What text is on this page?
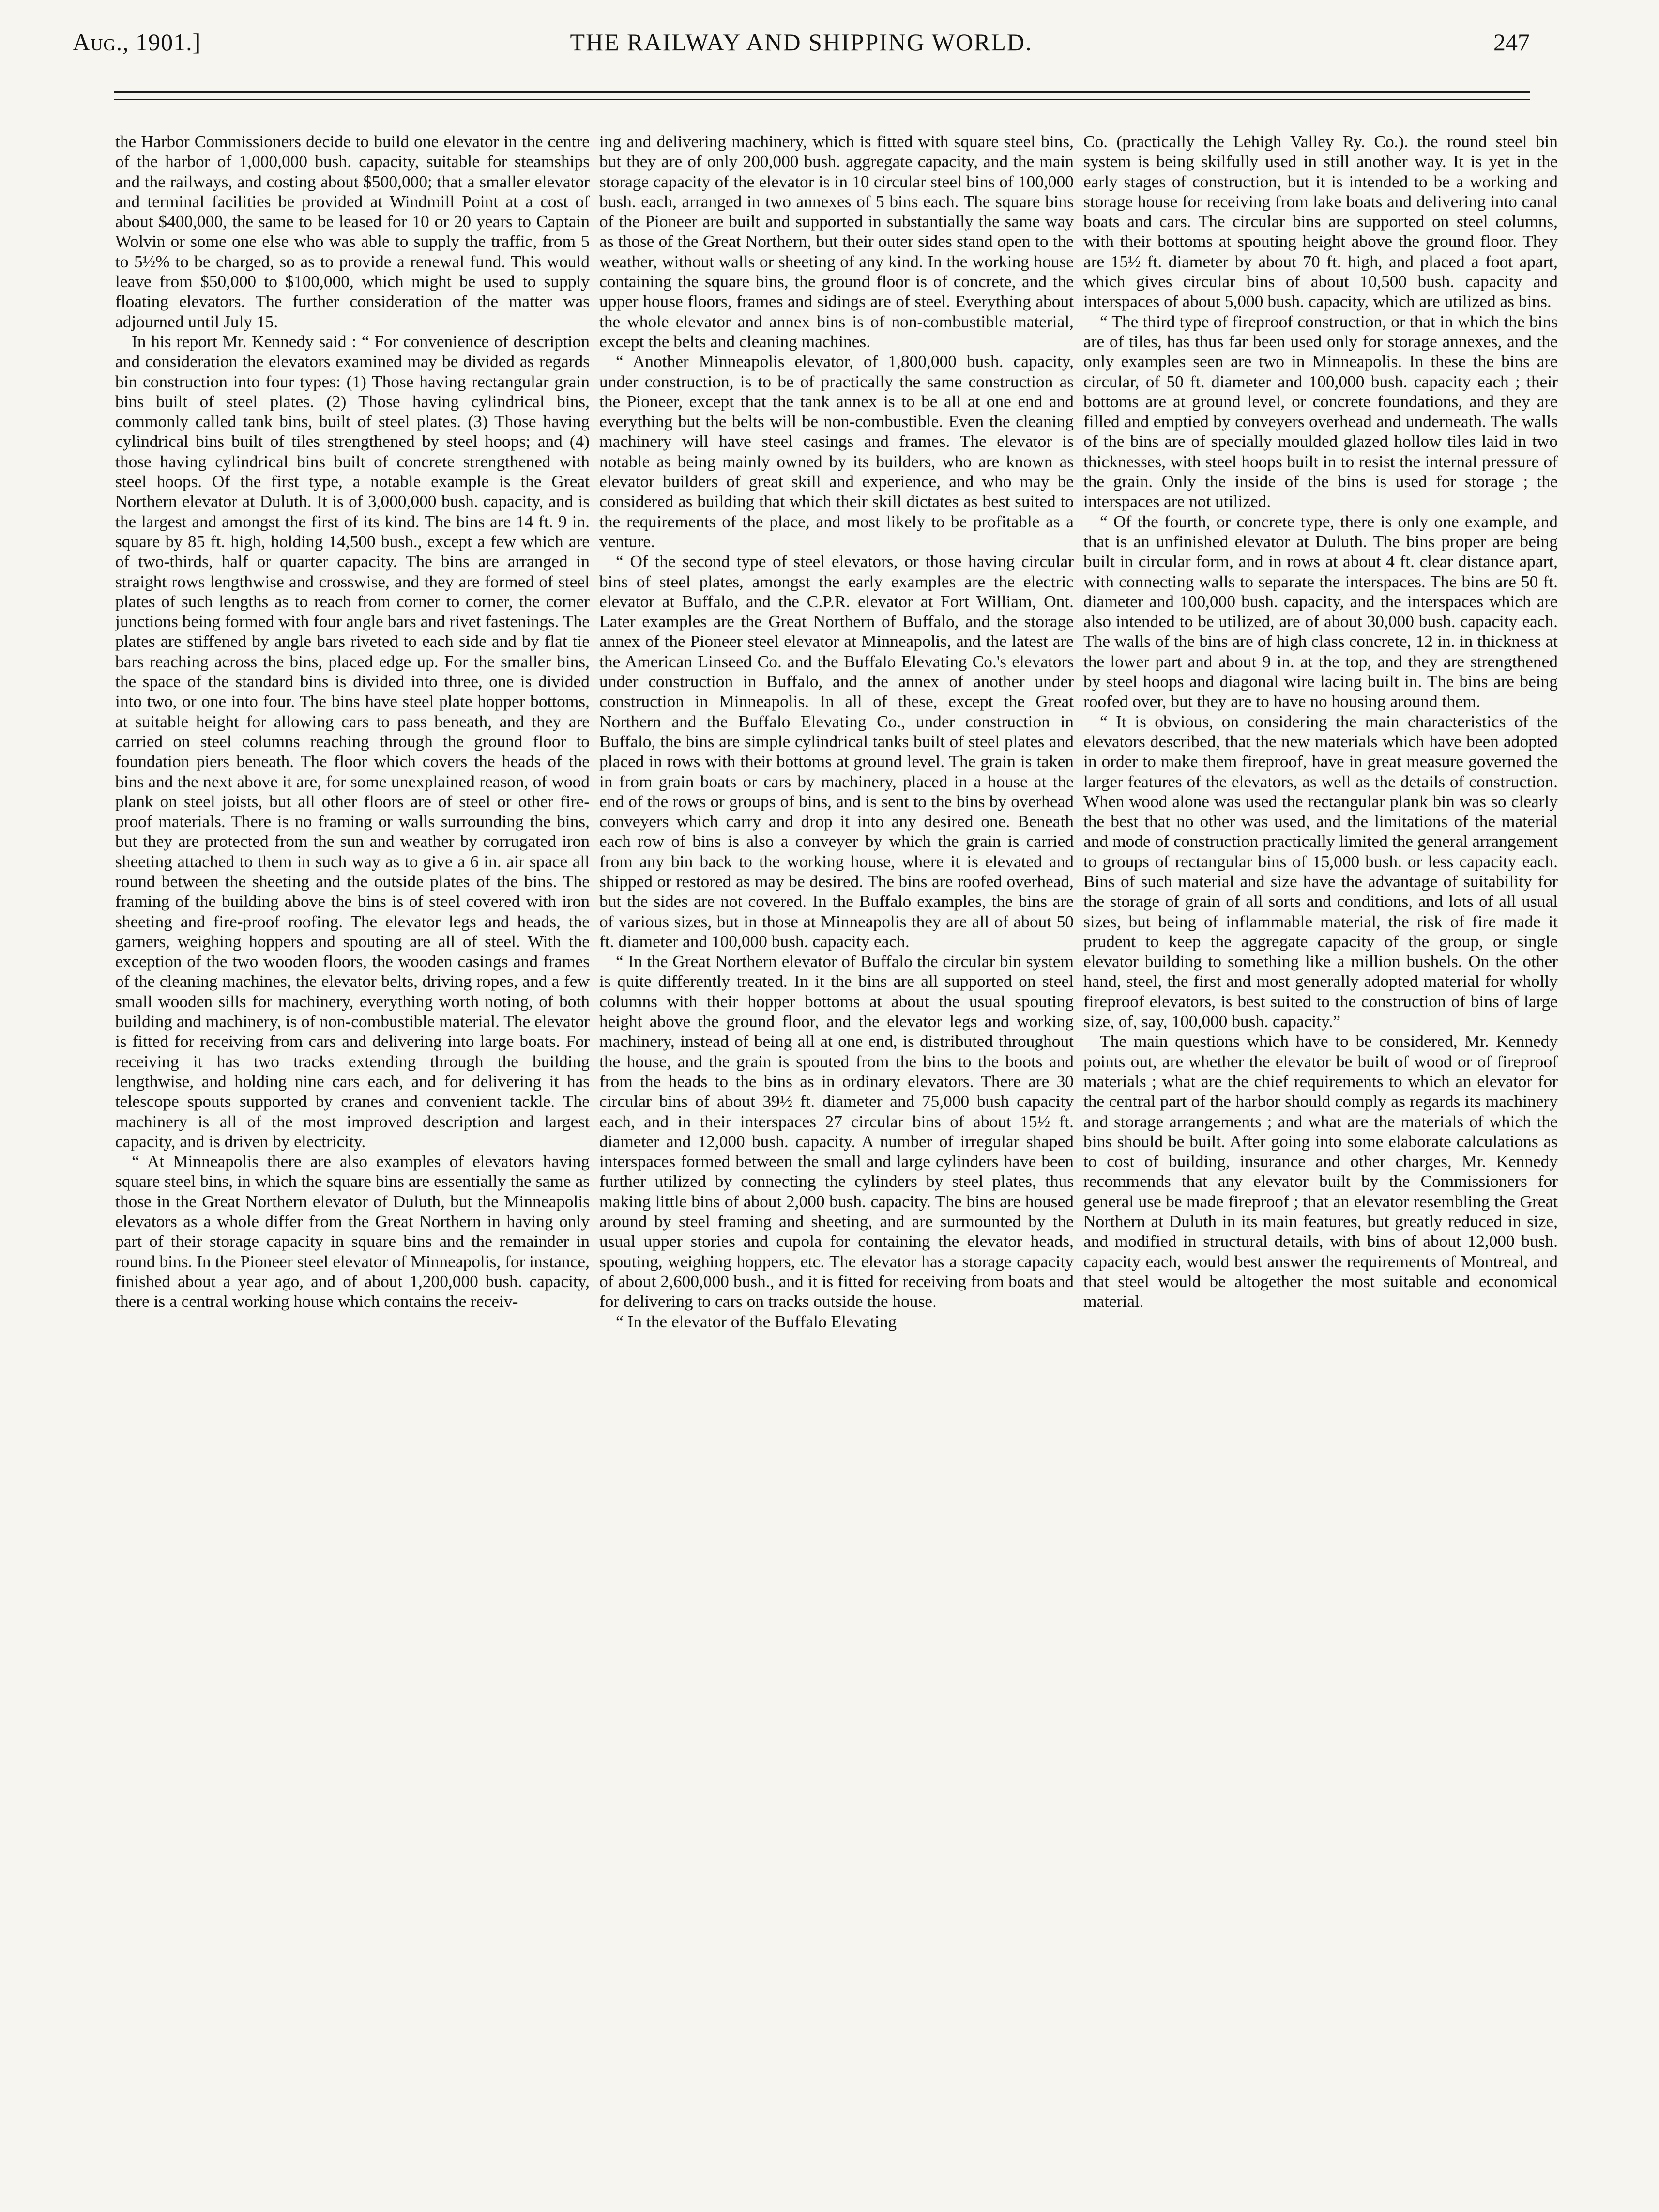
Aug., 1901.]	THE RAILWAY AND SHIPPING WORLD.	247

the Harbor Commissioners decide to build one elevator in the centre of the harbor of 1,000,000 bush. capacity, suitable for steamships and the railways, and costing about $500,000; that a smaller elevator and terminal facilities be provided at Windmill Point at a cost of about $400,000, the same to be leased for 10 or 20 years to Captain Wolvin or some one else who was able to supply the traffic, from 5 to 5½% to be charged, so as to provide a renewal fund. This would leave from $50,000 to $100,000, which might be used to supply floating elevators. The further consideration of the matter was adjourned until July 15.

In his report Mr. Kennedy said : “ For convenience of description and consideration the elevators examined may be divided as regards bin construction into four types: (1) Those having rectangular grain bins built of steel plates. (2) Those having cylindrical bins, commonly called tank bins, built of steel plates. (3) Those having cylindrical bins built of tiles strengthened by steel hoops; and (4) those having cylindrical bins built of concrete strengthened with steel hoops. Of the first type, a notable example is the Great Northern elevator at Duluth. It is of 3,000,000 bush. capacity, and is the largest and amongst the first of its kind. The bins are 14 ft. 9 in. square by 85 ft. high, holding 14,500 bush., except a few which are of two-thirds, half or quarter capacity. The bins are arranged in straight rows lengthwise and crosswise, and they are formed of steel plates of such lengths as to reach from corner to corner, the corner junctions being formed with four angle bars and rivet fastenings. The plates are stiffened by angle bars riveted to each side and by flat tie bars reaching across the bins, placed edge up. For the smaller bins, the space of the standard bins is divided into three, one is divided into two, or one into four. The bins have steel plate hopper bottoms, at suitable height for allowing cars to pass beneath, and they are carried on steel columns reaching through the ground floor to foundation piers beneath. The floor which covers the heads of the bins and the next above it are, for some unexplained reason, of wood plank on steel joists, but all other floors are of steel or other fire-proof materials. There is no framing or walls surrounding the bins, but they are protected from the sun and weather by corrugated iron sheeting attached to them in such way as to give a 6 in. air space all round between the sheeting and the outside plates of the bins. The framing of the building above the bins is of steel covered with iron sheeting and fire-proof roofing. The elevator legs and heads, the garners, weighing hoppers and spouting are all of steel. With the exception of the two wooden floors, the wooden casings and frames of the cleaning machines, the elevator belts, driving ropes, and a few small wooden sills for machinery, everything worth noting, of both building and machinery, is of non-combustible material. The elevator is fitted for receiving from cars and delivering into large boats. For receiving it has two tracks extending through the building lengthwise, and holding nine cars each, and for delivering it has telescope spouts supported by cranes and convenient tackle. The machinery is all of the most improved description and largest capacity, and is driven by electricity.

“ At Minneapolis there are also examples of elevators having square steel bins, in which the square bins are essentially the same as those in the Great Northern elevator of Duluth, but the Minneapolis elevators as a whole differ from the Great Northern in having only part of their storage capacity in square bins and the remainder in round bins. In the Pioneer steel elevator of Minneapolis, for instance, finished about a year ago, and of about 1,200,000 bush. capacity, there is a central working house which contains the receiv-

ing and delivering machinery, which is fitted with square steel bins, but they are of only 200,000 bush. aggregate capacity, and the main storage capacity of the elevator is in 10 circular steel bins of 100,000 bush. each, arranged in two annexes of 5 bins each. The square bins of the Pioneer are built and supported in substantially the same way as those of the Great Northern, but their outer sides stand open to the weather, without walls or sheeting of any kind. In the working house containing the square bins, the ground floor is of concrete, and the upper house floors, frames and sidings are of steel. Everything about the whole elevator and annex bins is of non-combustible material, except the belts and cleaning machines.

“ Another Minneapolis elevator, of 1,800,000 bush. capacity, under construction, is to be of practically the same construction as the Pioneer, except that the tank annex is to be all at one end and everything but the belts will be non-combustible. Even the cleaning machinery will have steel casings and frames. The elevator is notable as being mainly owned by its builders, who are known as elevator builders of great skill and experience, and who may be considered as building that which their skill dictates as best suited to the requirements of the place, and most likely to be profitable as a venture.

“ Of the second type of steel elevators, or those having circular bins of steel plates, amongst the early examples are the electric elevator at Buffalo, and the C.P.R. elevator at Fort William, Ont. Later examples are the Great Northern of Buffalo, and the storage annex of the Pioneer steel elevator at Minneapolis, and the latest are the American Linseed Co. and the Buffalo Elevating Co.'s elevators under construction in Buffalo, and the annex of another under construction in Minneapolis. In all of these, except the Great Northern and the Buffalo Elevating Co., under construction in Buffalo, the bins are simple cylindrical tanks built of steel plates and placed in rows with their bottoms at ground level. The grain is taken in from grain boats or cars by machinery, placed in a house at the end of the rows or groups of bins, and is sent to the bins by overhead conveyers which carry and drop it into any desired one. Beneath each row of bins is also a conveyer by which the grain is carried from any bin back to the working house, where it is elevated and shipped or restored as may be desired. The bins are roofed overhead, but the sides are not covered. In the Buffalo examples, the bins are of various sizes, but in those at Minneapolis they are all of about 50 ft. diameter and 100,000 bush. capacity each.

“ In the Great Northern elevator of Buffalo the circular bin system is quite differently treated. In it the bins are all supported on steel columns with their hopper bottoms at about the usual spouting height above the ground floor, and the elevator legs and working machinery, instead of being all at one end, is distributed throughout the house, and the grain is spouted from the bins to the boots and from the heads to the bins as in ordinary elevators. There are 30 circular bins of about 39½ ft. diameter and 75,000 bush capacity each, and in their interspaces 27 circular bins of about 15½ ft. diameter and 12,000 bush. capacity. A number of irregular shaped interspaces formed between the small and large cylinders have been further utilized by connecting the cylinders by steel plates, thus making little bins of about 2,000 bush. capacity. The bins are housed around by steel framing and sheeting, and are surmounted by the usual upper stories and cupola for containing the elevator heads, spouting, weighing hoppers, etc. The elevator has a storage capacity of about 2,600,000 bush., and it is fitted for receiving from boats and for delivering to cars on tracks outside the house.

“ In the elevator of the Buffalo Elevating

Co. (practically the Lehigh Valley Ry. Co.). the round steel bin system is being skilfully used in still another way. It is yet in the early stages of construction, but it is intended to be a working and storage house for receiving from lake boats and delivering into canal boats and cars. The circular bins are supported on steel columns, with their bottoms at spouting height above the ground floor. They are 15½ ft. diameter by about 70 ft. high, and placed a foot apart, which gives circular bins of about 10,500 bush. capacity and interspaces of about 5,000 bush. capacity, which are utilized as bins.

“ The third type of fireproof construction, or that in which the bins are of tiles, has thus far been used only for storage annexes, and the only examples seen are two in Minneapolis. In these the bins are circular, of 50 ft. diameter and 100,000 bush. capacity each ; their bottoms are at ground level, or concrete foundations, and they are filled and emptied by conveyers overhead and underneath. The walls of the bins are of specially moulded glazed hollow tiles laid in two thicknesses, with steel hoops built in to resist the internal pressure of the grain. Only the inside of the bins is used for storage ; the interspaces are not utilized.

“ Of the fourth, or concrete type, there is only one example, and that is an unfinished elevator at Duluth. The bins proper are being built in circular form, and in rows at about 4 ft. clear distance apart, with connecting walls to separate the interspaces. The bins are 50 ft. diameter and 100,000 bush. capacity, and the interspaces which are also intended to be utilized, are of about 30,000 bush. capacity each. The walls of the bins are of high class concrete, 12 in. in thickness at the lower part and about 9 in. at the top, and they are strengthened by steel hoops and diagonal wire lacing built in. The bins are being roofed over, but they are to have no housing around them.

“ It is obvious, on considering the main characteristics of the elevators described, that the new materials which have been adopted in order to make them fireproof, have in great measure governed the larger features of the elevators, as well as the details of construction. When wood alone was used the rectangular plank bin was so clearly the best that no other was used, and the limitations of the material and mode of construction practically limited the general arrangement to groups of rectangular bins of 15,000 bush. or less capacity each. Bins of such material and size have the advantage of suitability for the storage of grain of all sorts and conditions, and lots of all usual sizes, but being of inflammable material, the risk of fire made it prudent to keep the aggregate capacity of the group, or single elevator building to something like a million bushels. On the other hand, steel, the first and most generally adopted material for wholly fireproof elevators, is best suited to the construction of bins of large size, of, say, 100,000 bush. capacity.”

The main questions which have to be considered, Mr. Kennedy points out, are whether the elevator be built of wood or of fireproof materials ; what are the chief requirements to which an elevator for the central part of the harbor should comply as regards its machinery and storage arrangements ; and what are the materials of which the bins should be built. After going into some elaborate calculations as to cost of building, insurance and other charges, Mr. Kennedy recommends that any elevator built by the Commissioners for general use be made fireproof ; that an elevator resembling the Great Northern at Duluth in its main features, but greatly reduced in size, and modified in structural details, with bins of about 12,000 bush. capacity each, would best answer the requirements of Montreal, and that steel would be altogether the most suitable and economical material.
